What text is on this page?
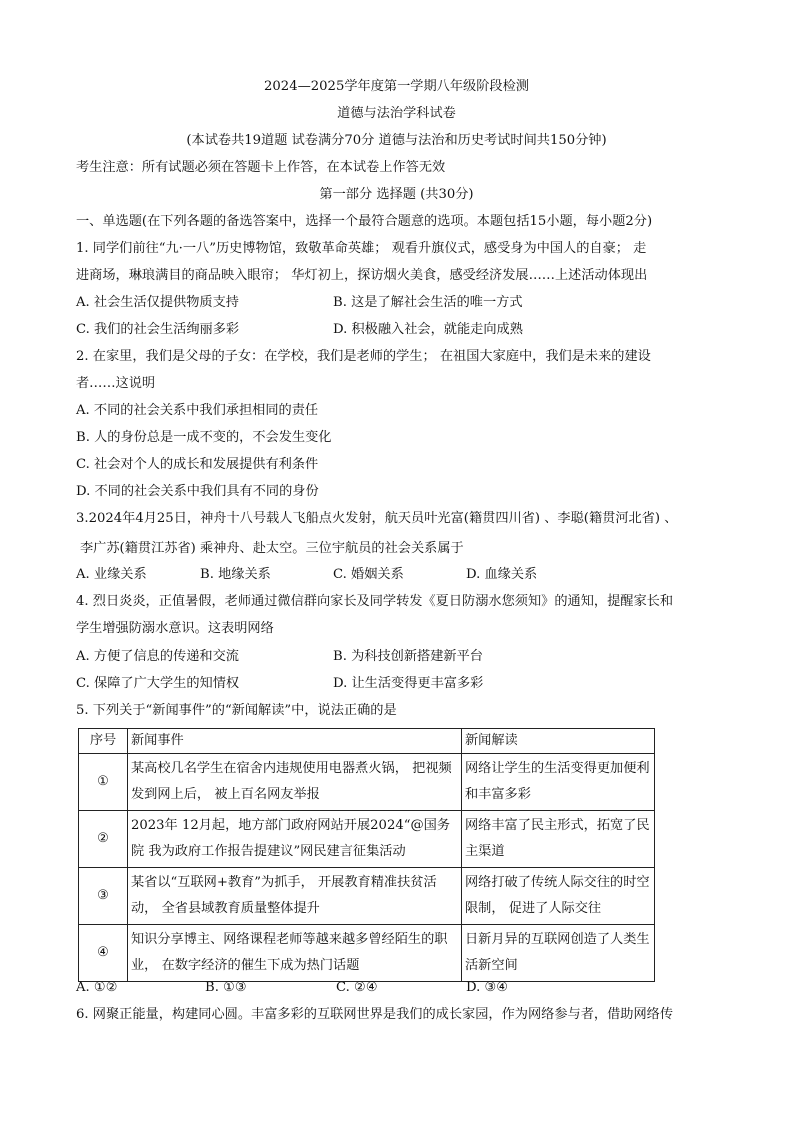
2024—2025学年度第一学期八年级阶段检测
道德与法治学科试卷
(本试卷共19道题 试卷满分70分 道德与法治和历史考试时间共150分钟)
考生注意：所有试题必须在答题卡上作答，在本试卷上作答无效
第一部分 选择题 (共30分)
一、单选题(在下列各题的备选答案中，选择一个最符合题意的选项。本题包括15小题，每小题2分)
1. 同学们前往“九·一八”历史博物馆，致敬革命英雄； 观看升旗仪式，感受身为中国人的自豪； 走
进商场，琳琅满目的商品映入眼帘； 华灯初上，探访烟火美食，感受经济发展……上述活动体现出
A. 社会生活仅提供物质支持	B. 这是了解社会生活的唯一方式
C. 我们的社会生活绚丽多彩	D. 积极融入社会，就能走向成熟
2. 在家里，我们是父母的子女：在学校，我们是老师的学生； 在祖国大家庭中，我们是未来的建设
者……这说明
A. 不同的社会关系中我们承担相同的责任
B. 人的身份总是一成不变的，不会发生变化
C. 社会对个人的成长和发展提供有利条件
D. 不同的社会关系中我们具有不同的身份
3.2024年4月25日，神舟十八号载人飞船点火发射，航天员叶光富(籍贯四川省) 、李聪(籍贯河北省) 、
李广苏(籍贯江苏省) 乘神舟、赴太空。三位宇航员的社会关系属于
A. 业缘关系	B. 地缘关系	C. 婚姻关系	D. 血缘关系
4. 烈日炎炎，正值暑假，老师通过微信群向家长及同学转发《夏日防溺水您须知》的通知，提醒家长和
学生增强防溺水意识。这表明网络
A. 方便了信息的传递和交流	B. 为科技创新搭建新平台
C. 保障了广大学生的知情权	D. 让生活变得更丰富多彩
5. 下列关于“新闻事件”的“新闻解读”中，说法正确的是
序号	新闻事件	新闻解读
①	某高校几名学生在宿舍内违规使用电器煮火锅， 把视频发到网上后， 被上百名网友举报	网络让学生的生活变得更加便利和丰富多彩
②	2023年 12月起，地方部门政府网站开展2024“@国务院 我为政府工作报告提建议”网民建言征集活动	网络丰富了民主形式，拓宽了民主渠道
③	某省以“互联网+教育”为抓手， 开展教育精准扶贫活动， 全省县域教育质量整体提升	网络打破了传统人际交往的时空限制， 促进了人际交往
④	知识分享博主、网络课程老师等越来越多曾经陌生的职业， 在数字经济的催生下成为热门话题	日新月异的互联网创造了人类生活新空间
A. ①②	B. ①③	C. ②④	D. ③④
6. 网聚正能量，构建同心圆。丰富多彩的互联网世界是我们的成长家园，作为网络参与者，借助网络传
